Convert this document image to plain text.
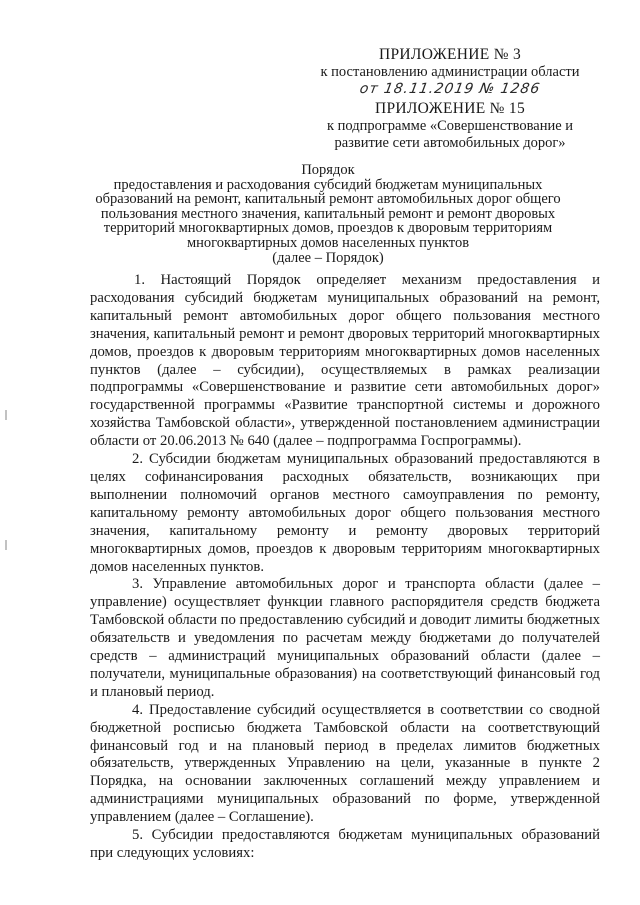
ПРИЛОЖЕНИЕ № 3
к постановлению администрации области
от 18.11.2019 № 1286
ПРИЛОЖЕНИЕ № 15
к подпрограмме «Совершенствование и
развитие сети автомобильных дорог»
Порядок
предоставления и расходования субсидий бюджетам муниципальных
образований на ремонт, капитальный ремонт автомобильных дорог общего
пользования местного значения, капитальный ремонт и ремонт дворовых
территорий многоквартирных домов, проездов к дворовым территориям
многоквартирных домов населенных пунктов
(далее – Порядок)

1. Настоящий Порядок определяет механизм предоставления и расходования субсидий бюджетам муниципальных образований на ремонт, капитальный ремонт автомобильных дорог общего пользования местного значения, капитальный ремонт и ремонт дворовых территорий многоквартирных домов, проездов к дворовым территориям многоквартирных домов населенных пунктов (далее – субсидии), осуществляемых в рамках реализации подпрограммы «Совершенствование и развитие сети автомобильных дорог» государственной программы «Развитие транспортной системы и дорожного хозяйства Тамбовской области», утвержденной постановлением администрации области от 20.06.2013 № 640 (далее – подпрограмма Госпрограммы).

2. Субсидии бюджетам муниципальных образований предоставляются в целях софинансирования расходных обязательств, возникающих при выполнении полномочий органов местного самоуправления по ремонту, капитальному ремонту автомобильных дорог общего пользования местного значения, капитальному ремонту и ремонту дворовых территорий многоквартирных домов, проездов к дворовым территориям многоквартирных домов населенных пунктов.

3. Управление автомобильных дорог и транспорта области (далее – управление) осуществляет функции главного распорядителя средств бюджета Тамбовской области по предоставлению субсидий и доводит лимиты бюджетных обязательств и уведомления по расчетам между бюджетами до получателей средств – администраций муниципальных образований области (далее – получатели, муниципальные образования) на соответствующий финансовый год и плановый период.

4. Предоставление субсидий осуществляется в соответствии со сводной бюджетной росписью бюджета Тамбовской области на соответствующий финансовый год и на плановый период в пределах лимитов бюджетных обязательств, утвержденных Управлению на цели, указанные в пункте 2 Порядка, на основании заключенных соглашений между управлением и администрациями муниципальных образований по форме, утвержденной управлением (далее – Соглашение).

5. Субсидии предоставляются бюджетам муниципальных образований при следующих условиях:
